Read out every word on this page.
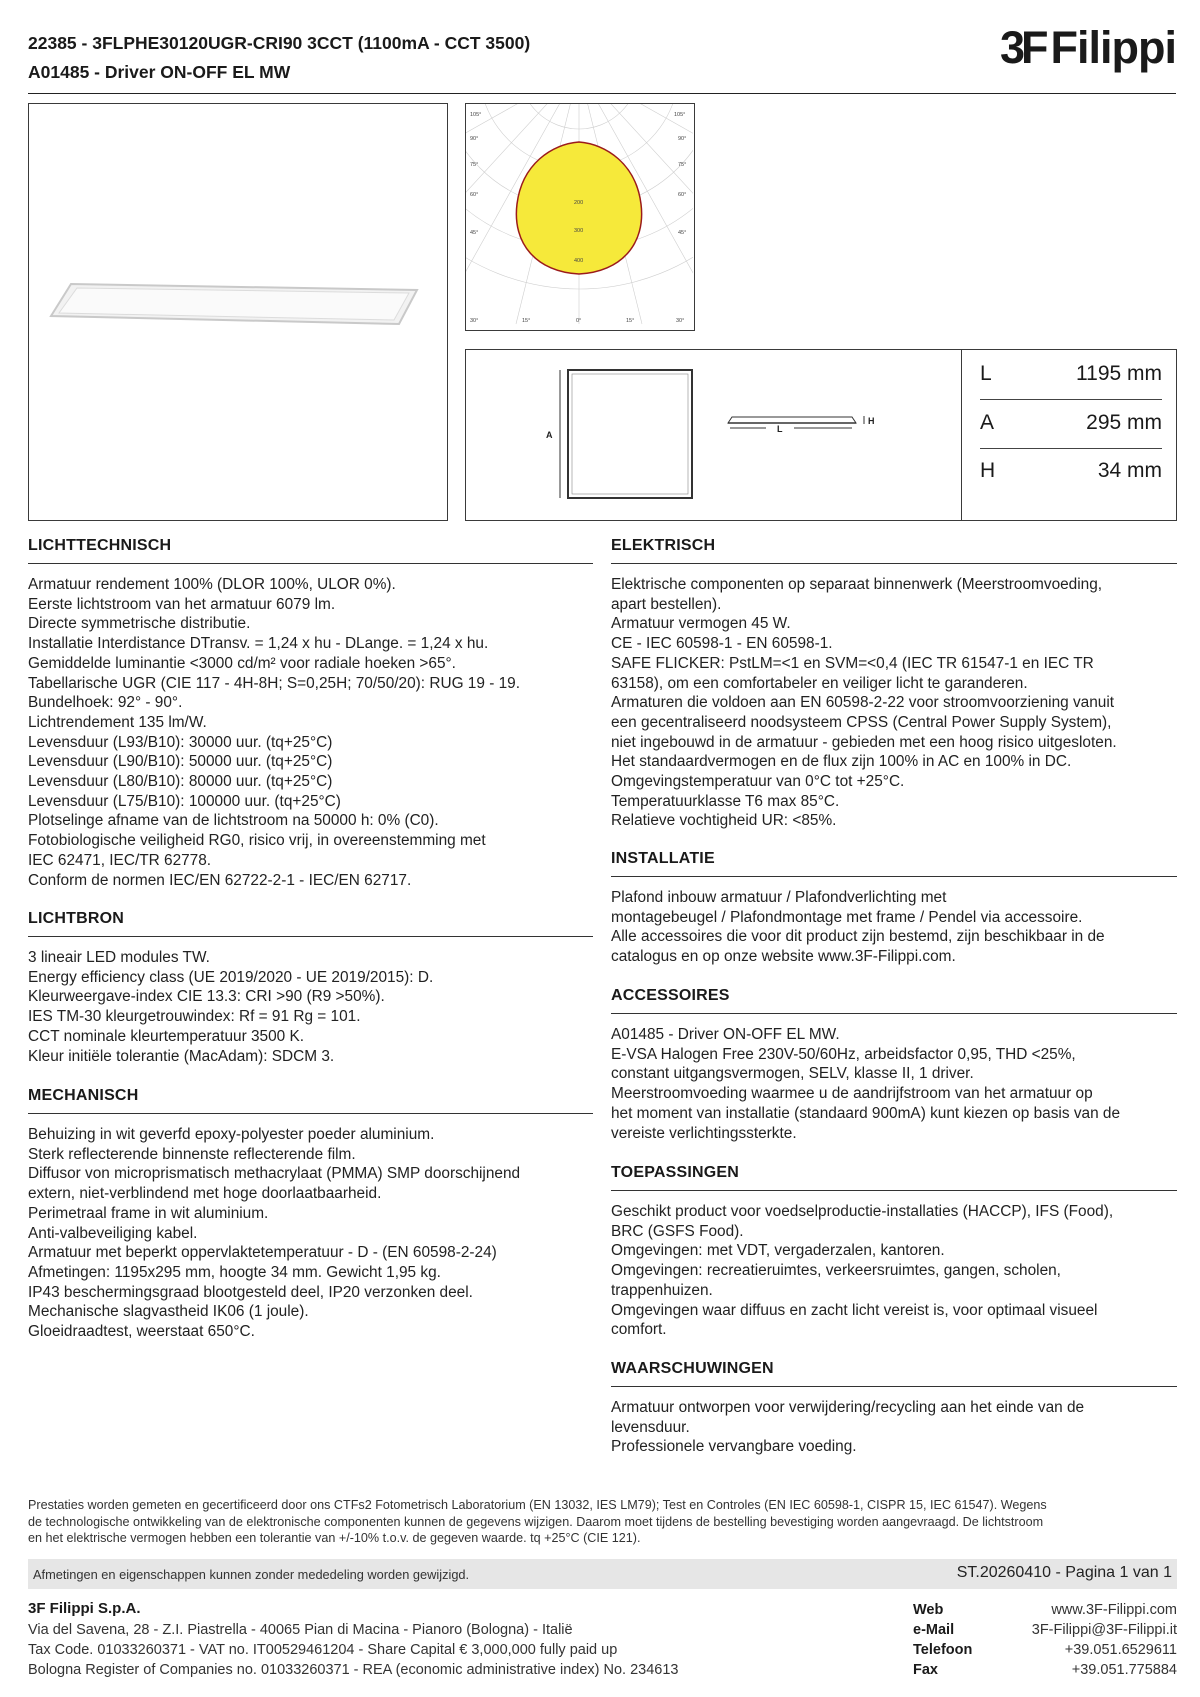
22385 - 3FLPHE30120UGR-CRI90 3CCT (1100mA - CCT 3500)
A01485 - Driver ON-OFF EL MW	3F Filippi
105°	105°
90°
75°
60°
45°
90°
75°
60°
45°
30°	15°	0°	15°	30°
200
300
400
A
H
L
L	1195 mm
A	295 mm
H	34 mm
LICHTTECHNISCH
Armatuur rendement 100% (DLOR 100%, ULOR 0%).
Eerste lichtstroom van het armatuur 6079 lm.
Directe symmetrische distributie.
Installatie Interdistance DTransv. = 1,24 x hu - DLange. = 1,24 x hu.
Gemiddelde luminantie <3000 cd/m² voor radiale hoeken >65°.
Tabellarische UGR (CIE 117 - 4H-8H; S=0,25H; 70/50/20): RUG 19 - 19.
Bundelhoek: 92° - 90°.
Lichtrendement 135 lm/W.
Levensduur (L93/B10): 30000 uur. (tq+25°C)
Levensduur (L90/B10): 50000 uur. (tq+25°C)
Levensduur (L80/B10): 80000 uur. (tq+25°C)
Levensduur (L75/B10): 100000 uur. (tq+25°C)
Plotselinge afname van de lichtstroom na 50000 h: 0% (C0).
Fotobiologische veiligheid RG0, risico vrij, in overeenstemming met
IEC 62471, IEC/TR 62778.
Conform de normen IEC/EN 62722-2-1 - IEC/EN 62717.
LICHTBRON
3 lineair LED modules TW.
Energy efficiency class (UE 2019/2020 - UE 2019/2015): D.
Kleurweergave-index CIE 13.3: CRI >90 (R9 >50%).
IES TM-30 kleurgetrouwindex: Rf = 91 Rg = 101.
CCT nominale kleurtemperatuur 3500 K.
Kleur initiële tolerantie (MacAdam): SDCM 3.
MECHANISCH
Behuizing in wit geverfd epoxy-polyester poeder aluminium.
Sterk reflecterende binnenste reflecterende film.
Diffusor von microprismatisch methacrylaat (PMMA) SMP doorschijnend
extern, niet-verblindend met hoge doorlaatbaarheid.
Perimetraal frame in wit aluminium.
Anti-valbeveiliging kabel.
Armatuur met beperkt oppervlaktetemperatuur - D - (EN 60598-2-24)
Afmetingen: 1195x295 mm, hoogte 34 mm. Gewicht 1,95 kg.
IP43 beschermingsgraad blootgesteld deel, IP20 verzonken deel.
Mechanische slagvastheid IK06 (1 joule).
Gloeidraadtest, weerstaat 650°C.
ELEKTRISCH
Elektrische componenten op separaat binnenwerk (Meerstroomvoeding,
apart bestellen).
Armatuur vermogen 45 W.
CE - IEC 60598-1 - EN 60598-1.
SAFE FLICKER: PstLM=<1 en SVM=<0,4 (IEC TR 61547-1 en IEC TR
63158), om een comfortabeler en veiliger licht te garanderen.
Armaturen die voldoen aan EN 60598-2-22 voor stroomvoorziening vanuit
een gecentraliseerd noodsysteem CPSS (Central Power Supply System),
niet ingebouwd in de armatuur - gebieden met een hoog risico uitgesloten.
Het standaardvermogen en de flux zijn 100% in AC en 100% in DC.
Omgevingstemperatuur van 0°C tot +25°C.
Temperatuurklasse T6 max 85°C.
Relatieve vochtigheid UR: <85%.
INSTALLATIE
Plafond inbouw armatuur / Plafondverlichting met
montagebeugel / Plafondmontage met frame / Pendel via accessoire.
Alle accessoires die voor dit product zijn bestemd, zijn beschikbaar in de
catalogus en op onze website www.3F-Filippi.com.
ACCESSOIRES
A01485 - Driver ON-OFF EL MW.
E-VSA Halogen Free 230V-50/60Hz, arbeidsfactor 0,95, THD <25%,
constant uitgangsvermogen, SELV, klasse II, 1 driver.
Meerstroomvoeding waarmee u de aandrijfstroom van het armatuur op
het moment van installatie (standaard 900mA) kunt kiezen op basis van de
vereiste verlichtingssterkte.
TOEPASSINGEN
Geschikt product voor voedselproductie-installaties (HACCP), IFS (Food),
BRC (GSFS Food).
Omgevingen: met VDT, vergaderzalen, kantoren.
Omgevingen: recreatieruimtes, verkeersruimtes, gangen, scholen,
trappenhuizen.
Omgevingen waar diffuus en zacht licht vereist is, voor optimaal visueel
comfort.
WAARSCHUWINGEN
Armatuur ontworpen voor verwijdering/recycling aan het einde van de
levensduur.
Professionele vervangbare voeding.
Prestaties worden gemeten en gecertificeerd door ons CTFs2 Fotometrisch Laboratorium (EN 13032, IES LM79); Test en Controles (EN IEC 60598-1, CISPR 15, IEC 61547). Wegens
de technologische ontwikkeling van de elektronische componenten kunnen de gegevens wijzigen. Daarom moet tijdens de bestelling bevestiging worden aangevraagd. De lichtstroom
en het elektrische vermogen hebben een tolerantie van +/-10% t.o.v. de gegeven waarde. tq +25°C (CIE 121).
Afmetingen en eigenschappen kunnen zonder mededeling worden gewijzigd.	ST.20260410 - Pagina 1 van 1
3F Filippi S.p.A.
Via del Savena, 28 - Z.I. Piastrella - 40065 Pian di Macina - Pianoro (Bologna) - Italië
Tax Code. 01033260371 - VAT no. IT00529461204 - Share Capital € 3,000,000 fully paid up
Bologna Register of Companies no. 01033260371 - REA (economic administrative index) No. 234613
Web	www.3F-Filippi.com
e-Mail	3F-Filippi@3F-Filippi.it
Telefoon	+39.051.6529611
Fax	+39.051.775884
